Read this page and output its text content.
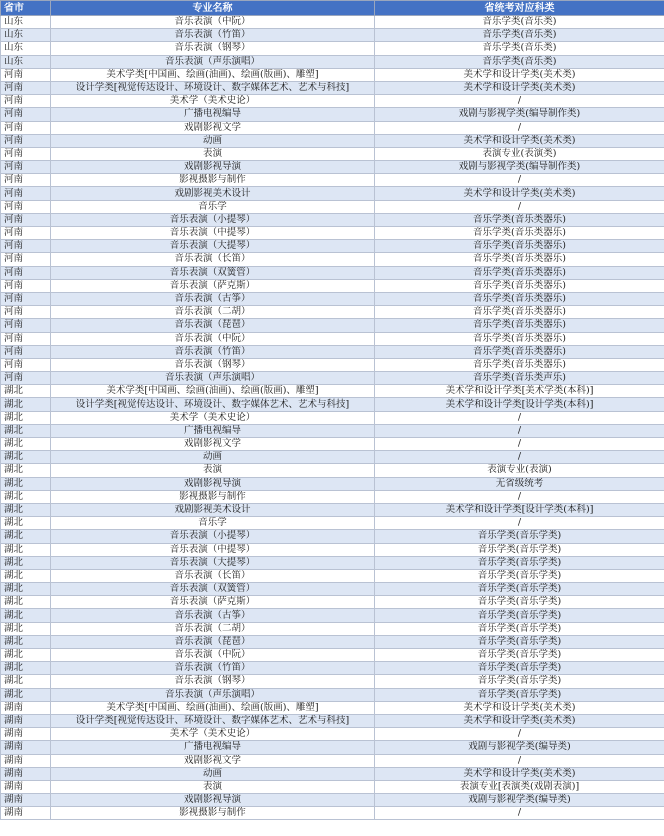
省市	专业名称	省统考对应科类
山东	音乐表演（中阮）	音乐学类(音乐类)
山东	音乐表演（竹笛）	音乐学类(音乐类)
山东	音乐表演（钢琴）	音乐学类(音乐类)
山东	音乐表演（声乐演唱）	音乐学类(音乐类)
河南	美术学类[中国画、绘画(油画)、绘画(版画)、雕塑]	美术学和设计学类(美术类)
河南	设计学类[视觉传达设计、环境设计、数字媒体艺术、艺术与科技]	美术学和设计学类(美术类)
河南	美术学（美术史论）	/
河南	广播电视编导	戏剧与影视学类(编导制作类)
河南	戏剧影视文学	/
河南	动画	美术学和设计学类(美术类)
河南	表演	表演专业(表演类)
河南	戏剧影视导演	戏剧与影视学类(编导制作类)
河南	影视摄影与制作	/
河南	戏剧影视美术设计	美术学和设计学类(美术类)
河南	音乐学	/
河南	音乐表演（小提琴）	音乐学类(音乐类器乐)
河南	音乐表演（中提琴）	音乐学类(音乐类器乐)
河南	音乐表演（大提琴）	音乐学类(音乐类器乐)
河南	音乐表演（长笛）	音乐学类(音乐类器乐)
河南	音乐表演（双簧管）	音乐学类(音乐类器乐)
河南	音乐表演（萨克斯）	音乐学类(音乐类器乐)
河南	音乐表演（古筝）	音乐学类(音乐类器乐)
河南	音乐表演（二胡）	音乐学类(音乐类器乐)
河南	音乐表演（琵琶）	音乐学类(音乐类器乐)
河南	音乐表演（中阮）	音乐学类(音乐类器乐)
河南	音乐表演（竹笛）	音乐学类(音乐类器乐)
河南	音乐表演（钢琴）	音乐学类(音乐类器乐)
河南	音乐表演（声乐演唱）	音乐学类(音乐类声乐)
湖北	美术学类[中国画、绘画(油画)、绘画(版画)、雕塑]	美术学和设计学类[美术学类(本科)]
湖北	设计学类[视觉传达设计、环境设计、数字媒体艺术、艺术与科技]	美术学和设计学类[设计学类(本科)]
湖北	美术学（美术史论）	/
湖北	广播电视编导	/
湖北	戏剧影视文学	/
湖北	动画	/
湖北	表演	表演专业(表演)
湖北	戏剧影视导演	无省级统考
湖北	影视摄影与制作	/
湖北	戏剧影视美术设计	美术学和设计学类[设计学类(本科)]
湖北	音乐学	/
湖北	音乐表演（小提琴）	音乐学类(音乐学类)
湖北	音乐表演（中提琴）	音乐学类(音乐学类)
湖北	音乐表演（大提琴）	音乐学类(音乐学类)
湖北	音乐表演（长笛）	音乐学类(音乐学类)
湖北	音乐表演（双簧管）	音乐学类(音乐学类)
湖北	音乐表演（萨克斯）	音乐学类(音乐学类)
湖北	音乐表演（古筝）	音乐学类(音乐学类)
湖北	音乐表演（二胡）	音乐学类(音乐学类)
湖北	音乐表演（琵琶）	音乐学类(音乐学类)
湖北	音乐表演（中阮）	音乐学类(音乐学类)
湖北	音乐表演（竹笛）	音乐学类(音乐学类)
湖北	音乐表演（钢琴）	音乐学类(音乐学类)
湖北	音乐表演（声乐演唱）	音乐学类(音乐学类)
湖南	美术学类[中国画、绘画(油画)、绘画(版画)、雕塑]	美术学和设计学类(美术类)
湖南	设计学类[视觉传达设计、环境设计、数字媒体艺术、艺术与科技]	美术学和设计学类(美术类)
湖南	美术学（美术史论）	/
湖南	广播电视编导	戏剧与影视学类(编导类)
湖南	戏剧影视文学	/
湖南	动画	美术学和设计学类(美术类)
湖南	表演	表演专业[表演类(戏剧表演)]
湖南	戏剧影视导演	戏剧与影视学类(编导类)
湖南	影视摄影与制作	/
